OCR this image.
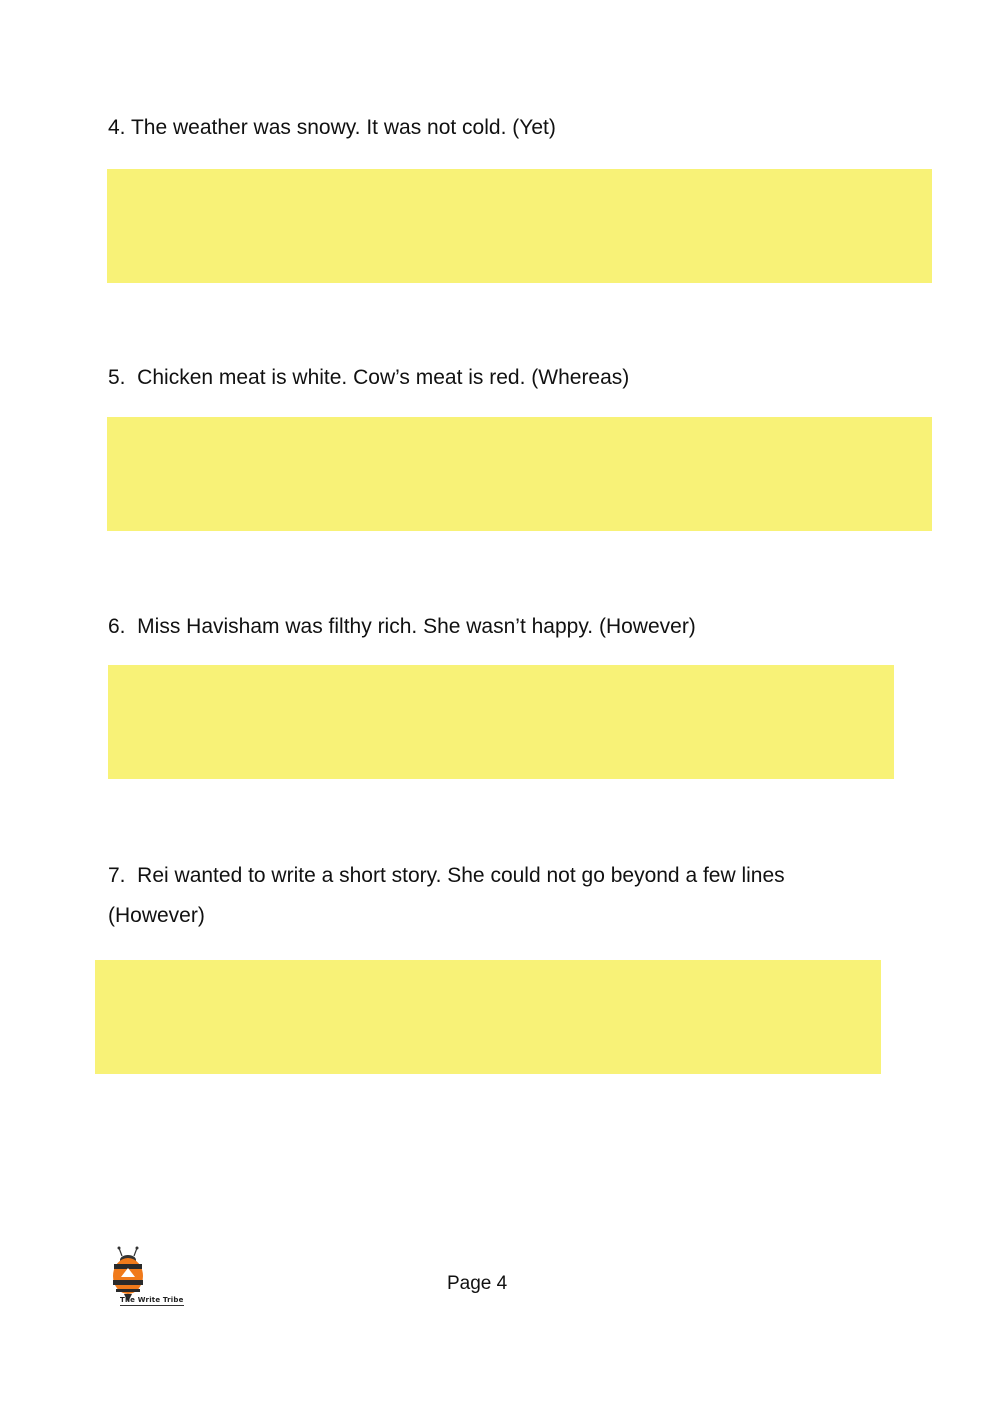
4. The weather was snowy. It was not cold. (Yet)

5.  Chicken meat is white. Cow’s meat is red. (Whereas)

6.  Miss Havisham was filthy rich. She wasn’t happy. (However)

7.  Rei wanted to write a short story. She could not go beyond a few lines
(However)

The Write Tribe
Page 4
